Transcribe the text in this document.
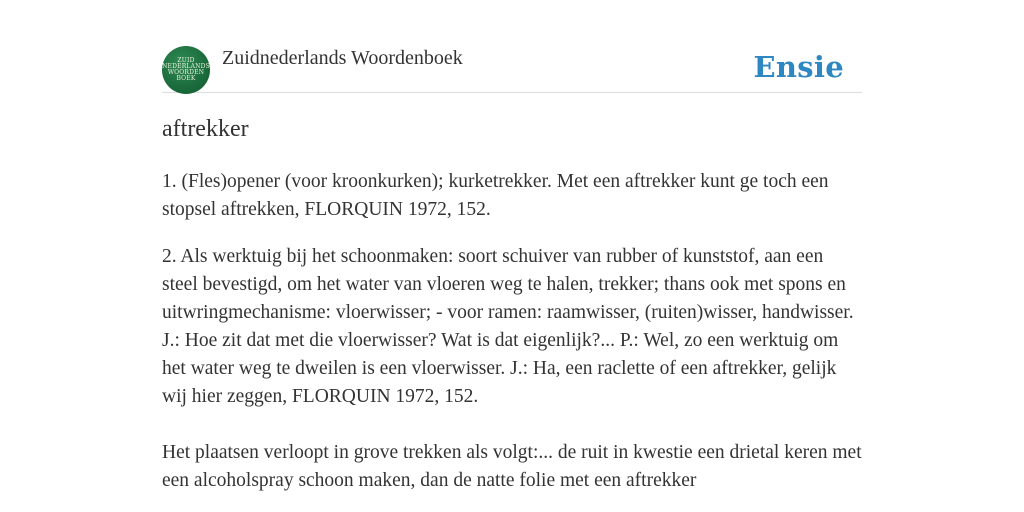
ZUID
NEDERLANDS
WOORDEN
BOEK
Zuidnederlands Woordenboek	Ensie
aftrekker

1. (Fles)opener (voor kroonkurken); kurketrekker. Met een aftrekker kunt ge toch een stopsel aftrekken, FLORQUIN 1972, 152.

2. Als werktuig bij het schoonmaken: soort schuiver van rubber of kunststof, aan een steel bevestigd, om het water van vloeren weg te halen, trekker; thans ook met spons en uitwringmechanisme: vloerwisser; - voor ramen: raamwisser, (ruiten)wisser, handwisser.

J.: Hoe zit dat met die vloerwisser? Wat is dat eigenlijk?... P.: Wel, zo een werktuig om het water weg te dweilen is een vloerwisser. J.: Ha, een raclette of een aftrekker, gelijk wij hier zeggen, FLORQUIN 1972, 152.

Het plaatsen verloopt in grove trekken als volgt:... de ruit in kwestie een drietal keren met een alcoholspray schoon maken, dan de natte folie met een aftrekker
